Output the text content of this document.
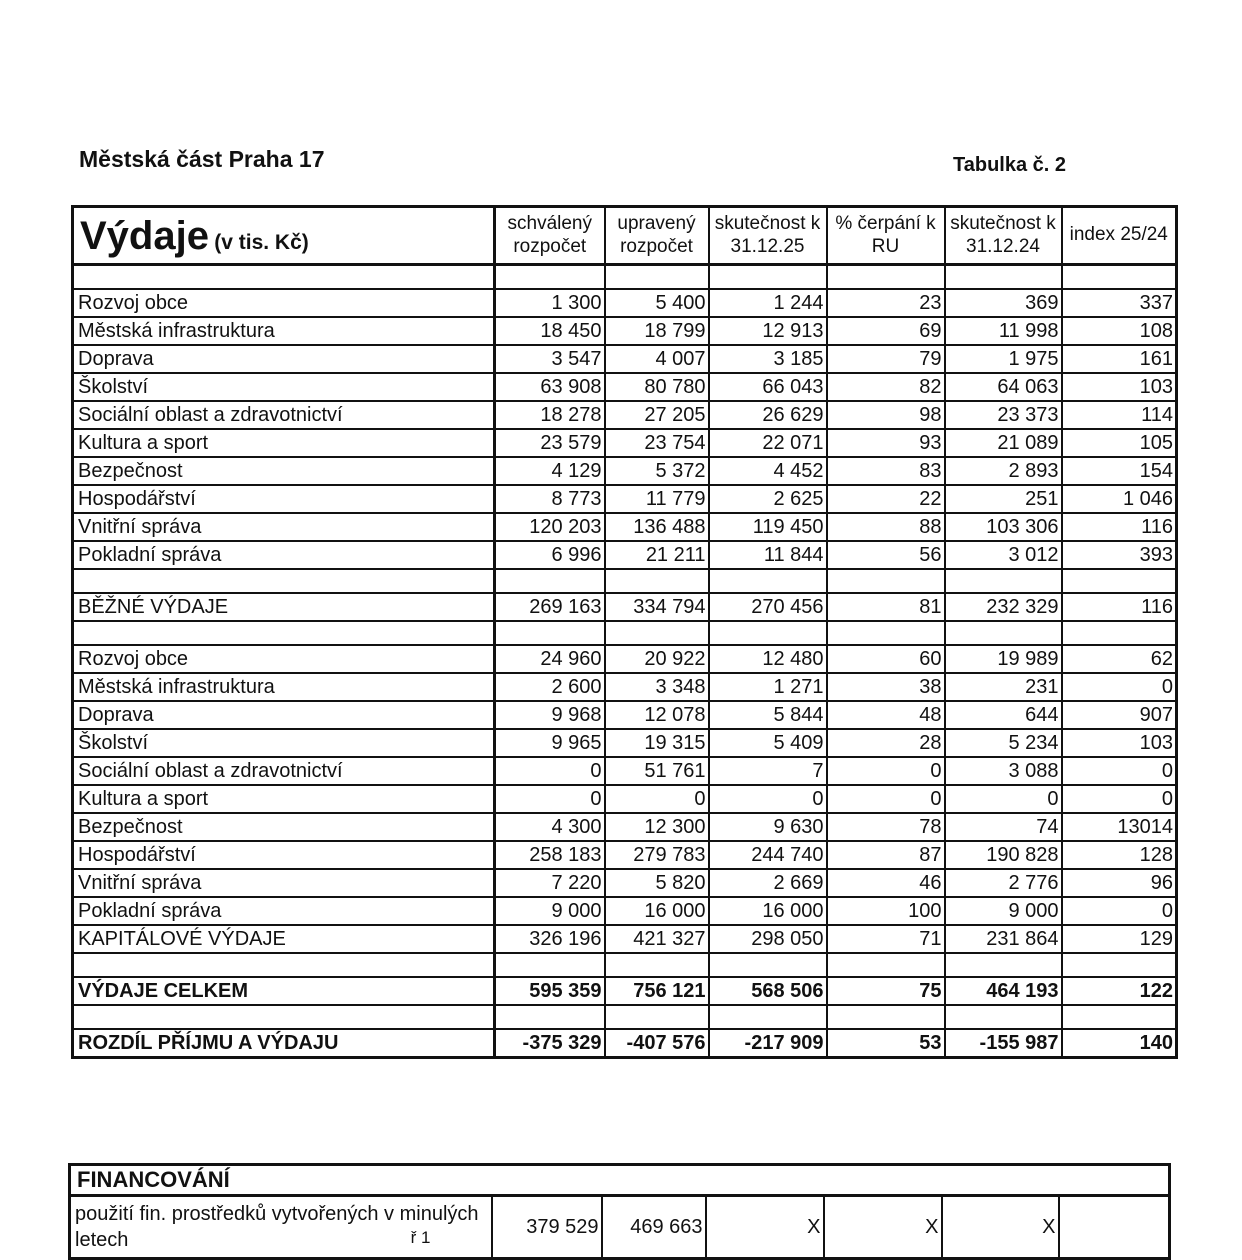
Městská část Praha 17	Tabulka č. 2
Výdaje (v tis. Kč)	schválený rozpočet	upravený rozpočet	skutečnost k 31.12.25	% čerpání k RU	skutečnost k 31.12.24	index 25/24

Rozvoj obce	1 300	5 400	1 244	23	369	337
Městská infrastruktura	18 450	18 799	12 913	69	11 998	108
Doprava	3 547	4 007	3 185	79	1 975	161
Školství	63 908	80 780	66 043	82	64 063	103
Sociální oblast a zdravotnictví	18 278	27 205	26 629	98	23 373	114
Kultura a sport	23 579	23 754	22 071	93	21 089	105
Bezpečnost	4 129	5 372	4 452	83	2 893	154
Hospodářství	8 773	11 779	2 625	22	251	1 046
Vnitřní správa	120 203	136 488	119 450	88	103 306	116
Pokladní správa	6 996	21 211	11 844	56	3 012	393

BĚŽNÉ VÝDAJE	269 163	334 794	270 456	81	232 329	116

Rozvoj obce	24 960	20 922	12 480	60	19 989	62
Městská infrastruktura	2 600	3 348	1 271	38	231	0
Doprava	9 968	12 078	5 844	48	644	907
Školství	9 965	19 315	5 409	28	5 234	103
Sociální oblast a zdravotnictví	0	51 761	7	0	3 088	0
Kultura a sport	0	0	0	0	0	0
Bezpečnost	4 300	12 300	9 630	78	74	13014
Hospodářství	258 183	279 783	244 740	87	190 828	128
Vnitřní správa	7 220	5 820	2 669	46	2 776	96
Pokladní správa	9 000	16 000	16 000	100	9 000	0
KAPITÁLOVÉ VÝDAJE	326 196	421 327	298 050	71	231 864	129

VÝDAJE CELKEM	595 359	756 121	568 506	75	464 193	122

ROZDÍL PŘÍJMU A VÝDAJU	-375 329	-407 576	-217 909	53	-155 987	140
FINANCOVÁNÍ
použití fin. prostředků vytvořených v minulých letech	ř 1	379 529	469 663	X	X	X	
